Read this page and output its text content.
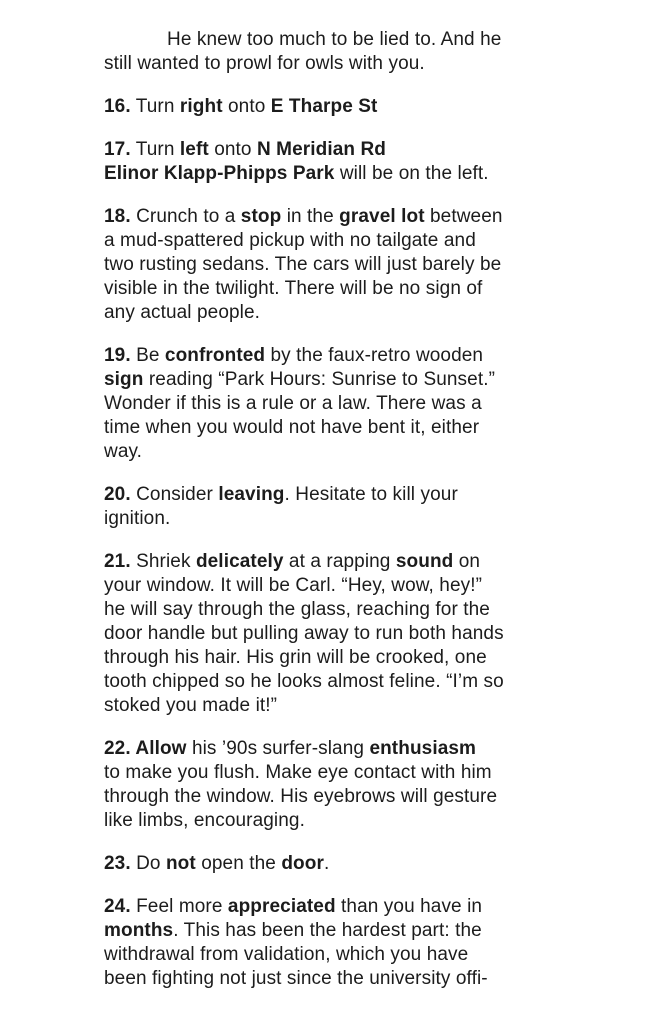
He knew too much to be lied to. And he
still wanted to prowl for owls with you.
16. Turn right onto E Tharpe St
17. Turn left onto N Meridian Rd
Elinor Klapp-Phipps Park will be on the left.
18. Crunch to a stop in the gravel lot between
a mud-spattered pickup with no tailgate and
two rusting sedans. The cars will just barely be
visible in the twilight. There will be no sign of
any actual people.
19. Be confronted by the faux-retro wooden
sign reading “Park Hours: Sunrise to Sunset.”
Wonder if this is a rule or a law. There was a
time when you would not have bent it, either
way.
20. Consider leaving. Hesitate to kill your
ignition.
21. Shriek delicately at a rapping sound on
your window. It will be Carl. “Hey, wow, hey!”
he will say through the glass, reaching for the
door handle but pulling away to run both hands
through his hair. His grin will be crooked, one
tooth chipped so he looks almost feline. “I’m so
stoked you made it!”
22. Allow his ’90s surfer-slang enthusiasm
to make you flush. Make eye contact with him
through the window. His eyebrows will gesture
like limbs, encouraging.
23. Do not open the door.
24. Feel more appreciated than you have in
months. This has been the hardest part: the
withdrawal from validation, which you have
been fighting not just since the university offi-
